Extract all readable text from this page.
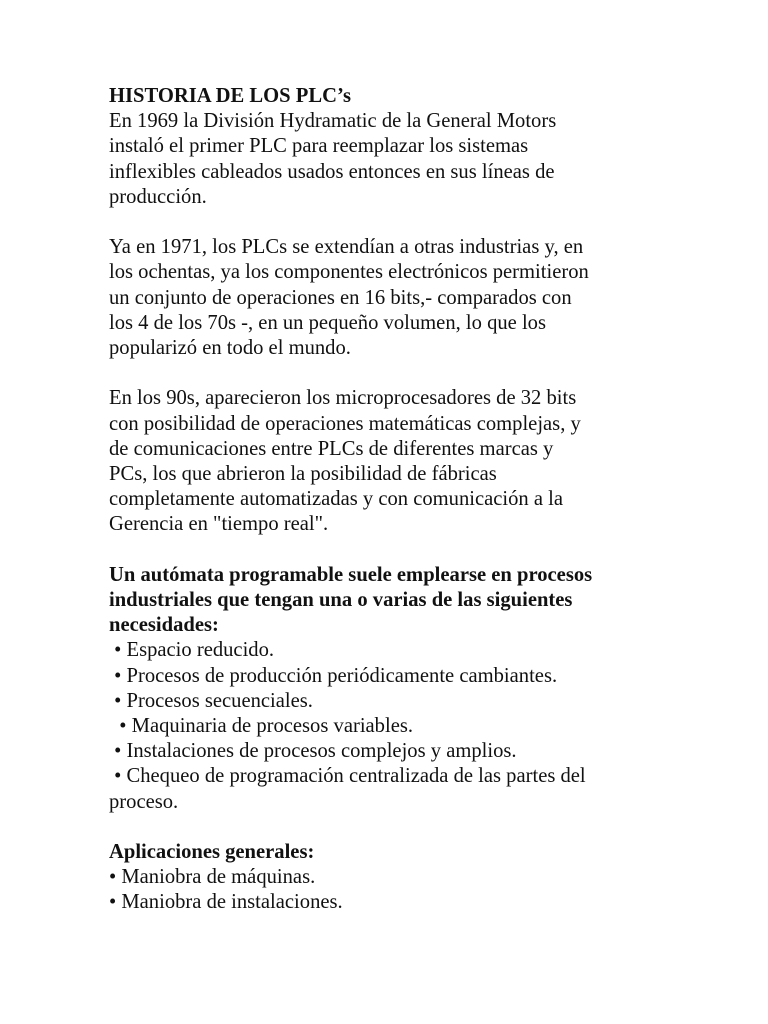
HISTORIA DE LOS PLC’s
En 1969 la División Hydramatic de la General Motors
instaló el primer PLC para reemplazar los sistemas
inflexibles cableados usados entonces en sus líneas de
producción.
Ya en 1971, los PLCs se extendían a otras industrias y, en
los ochentas, ya los componentes electrónicos permitieron
un conjunto de operaciones en 16 bits,- comparados con
los 4 de los 70s -, en un pequeño volumen, lo que los
popularizó en todo el mundo.
En los 90s, aparecieron los microprocesadores de 32 bits
con posibilidad de operaciones matemáticas complejas, y
de comunicaciones entre PLCs de diferentes marcas y
PCs, los que abrieron la posibilidad de fábricas
completamente automatizadas y con comunicación a la
Gerencia en "tiempo real".
Un autómata programable suele emplearse en procesos
industriales que tengan una o varias de las siguientes
necesidades:
• Espacio reducido.
• Procesos de producción periódicamente cambiantes.
• Procesos secuenciales.
• Maquinaria de procesos variables.
• Instalaciones de procesos complejos y amplios.
• Chequeo de programación centralizada de las partes del
proceso.
Aplicaciones generales:
• Maniobra de máquinas.
• Maniobra de instalaciones.
